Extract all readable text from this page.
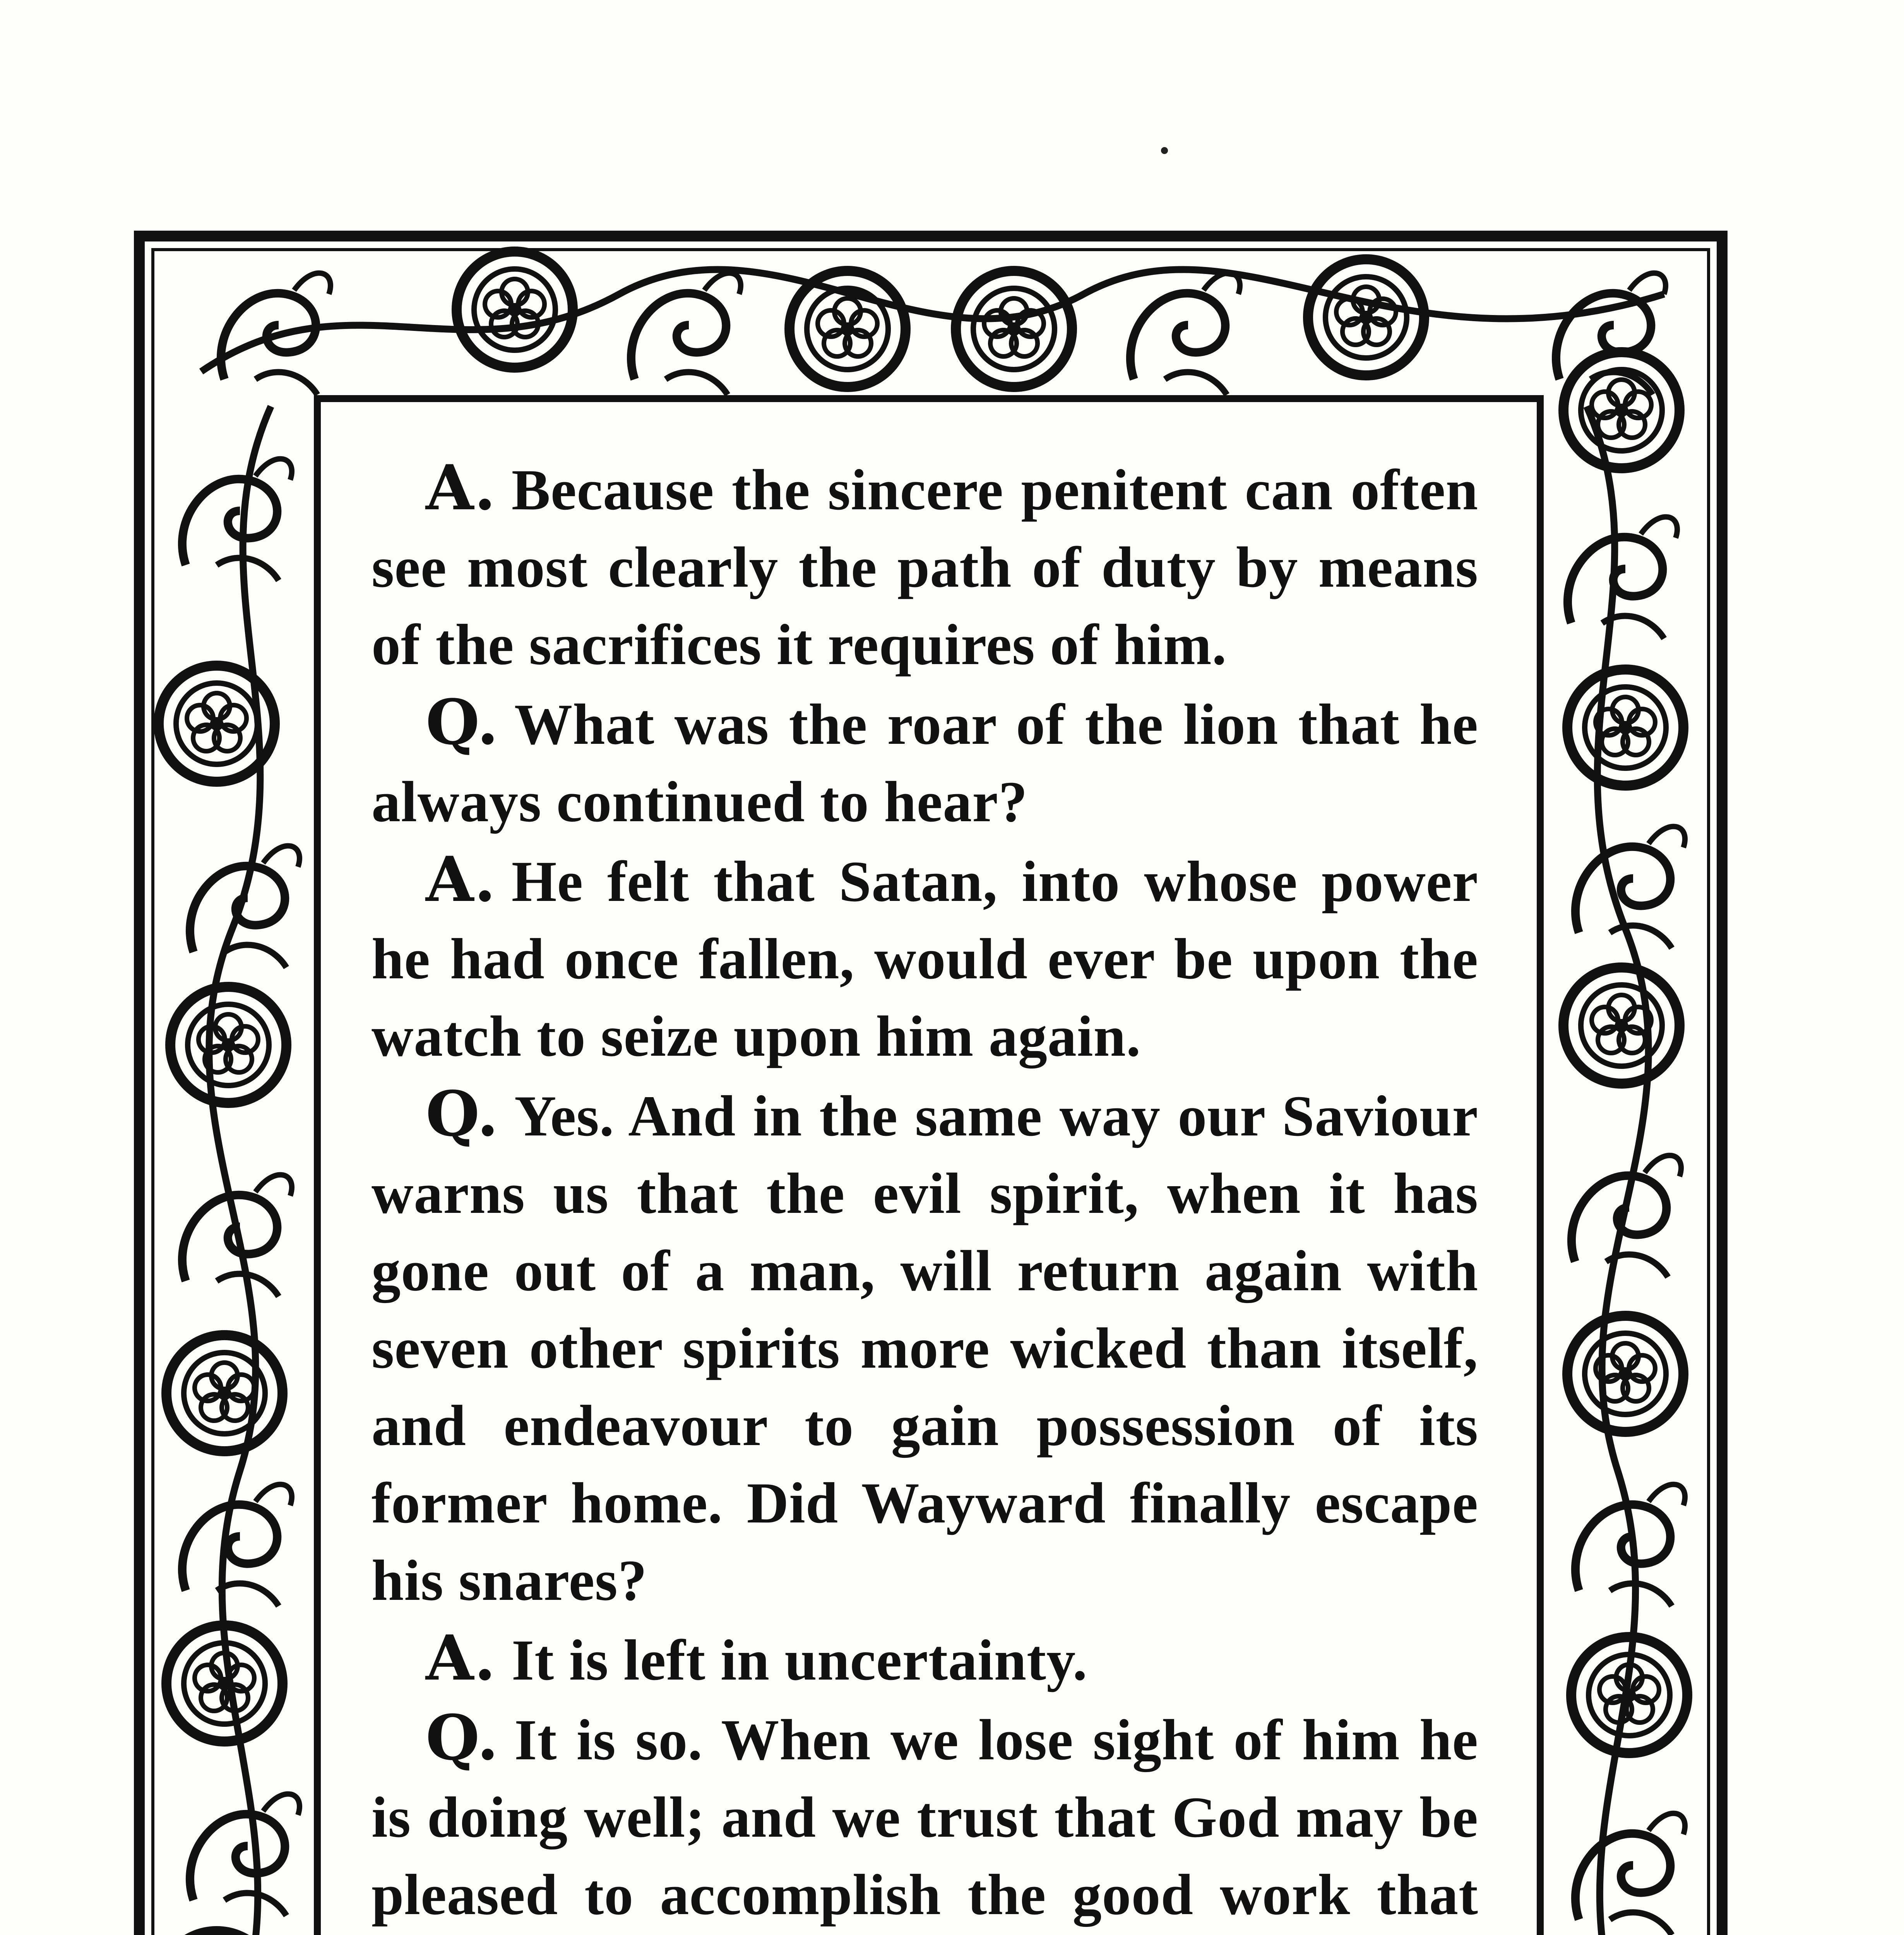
A. Because the sincere penitent can often see most clearly the path of duty by means of the sacrifices it requires of him.

Q. What was the roar of the lion that he always continued to hear?

A. He felt that Satan, into whose power he had once fallen, would ever be upon the watch to seize upon him again.

Q. Yes. And in the same way our Saviour warns us that the evil spirit, when it has gone out of a man, will return again with seven other spirits more wicked than itself, and endeavour to gain possession of its former home. Did Wayward finally escape his snares?

A. It is left in uncertainty.

Q. It is so. When we lose sight of him he is doing well; and we trust that God may be pleased to accomplish the good work that
